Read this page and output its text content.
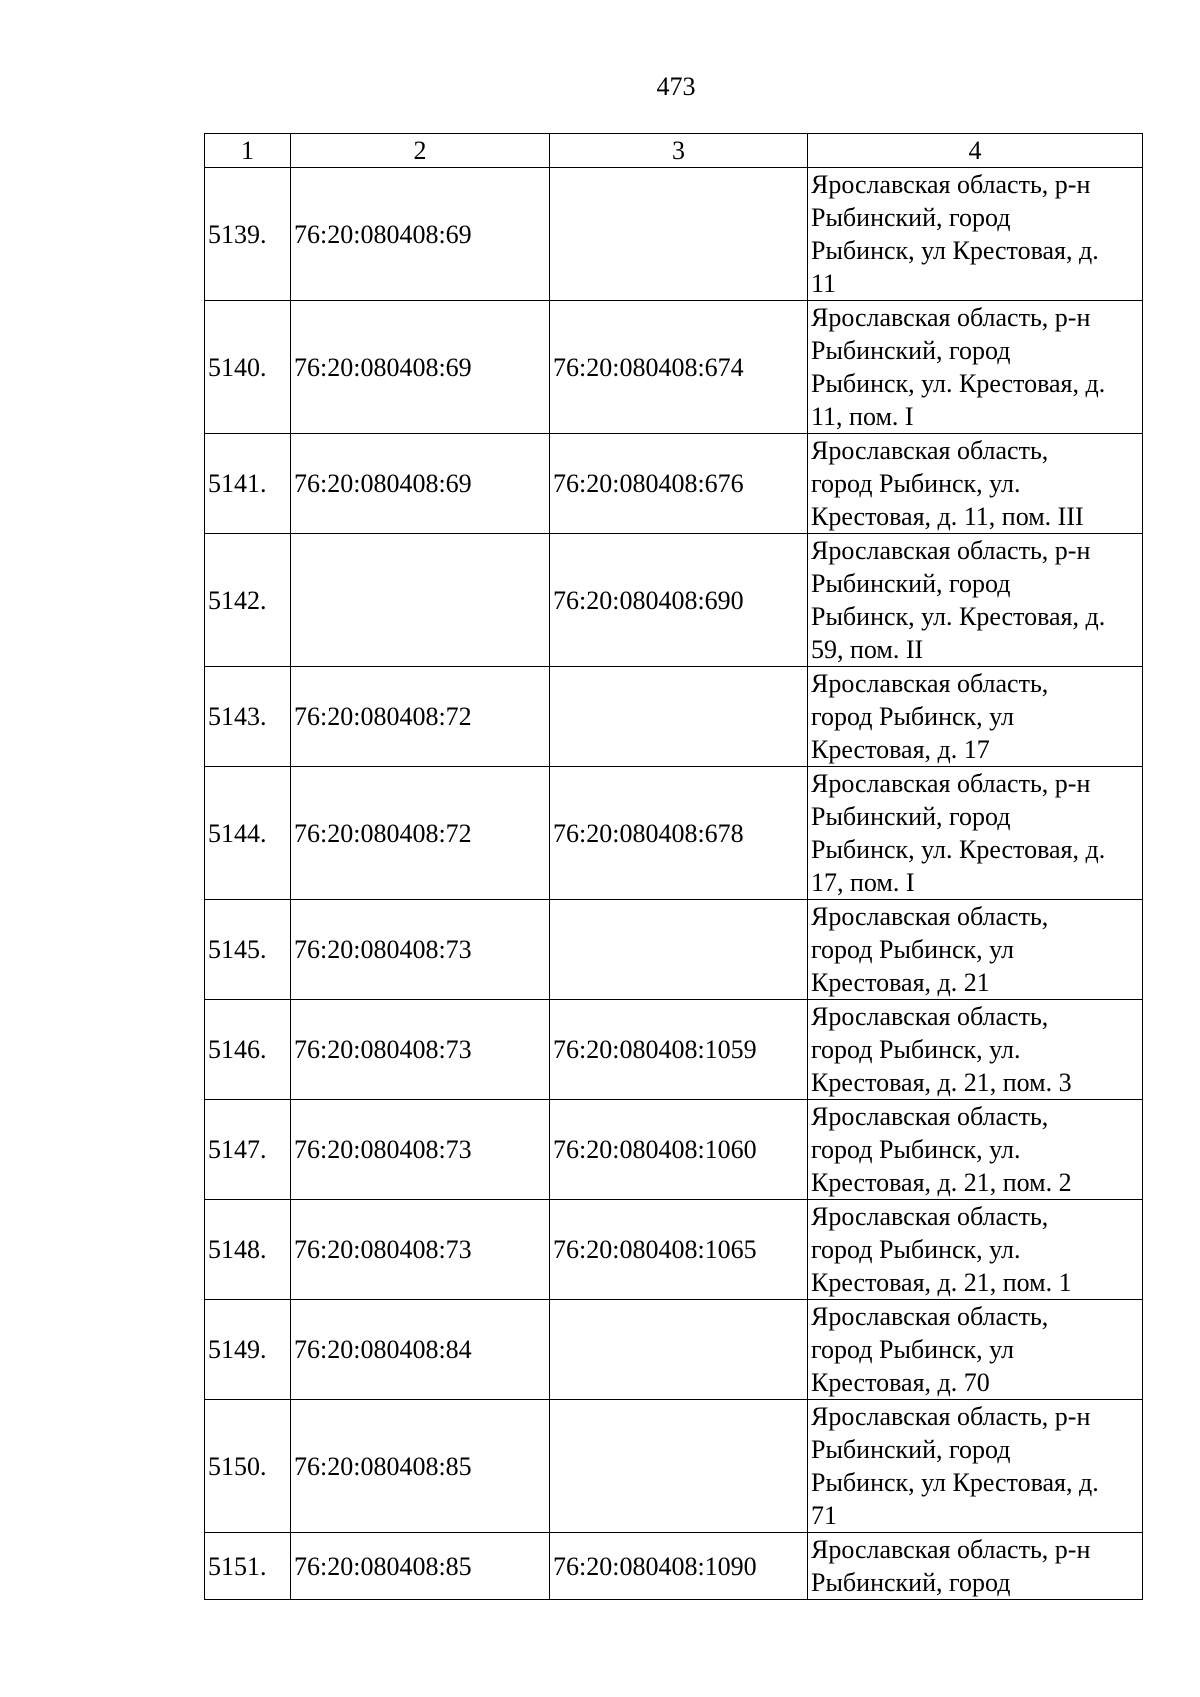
473
1	2	3	4
5139.	76:20:080408:69		Ярославская область, р-н
Рыбинский, город
Рыбинск, ул Крестовая, д.
11
5140.	76:20:080408:69	76:20:080408:674	Ярославская область, р-н
Рыбинский, город
Рыбинск, ул. Крестовая, д.
11, пом. I
5141.	76:20:080408:69	76:20:080408:676	Ярославская область,
город Рыбинск, ул.
Крестовая, д. 11, пом. III
5142.		76:20:080408:690	Ярославская область, р-н
Рыбинский, город
Рыбинск, ул. Крестовая, д.
59, пом. II
5143.	76:20:080408:72		Ярославская область,
город Рыбинск, ул
Крестовая, д. 17
5144.	76:20:080408:72	76:20:080408:678	Ярославская область, р-н
Рыбинский, город
Рыбинск, ул. Крестовая, д.
17, пом. I
5145.	76:20:080408:73		Ярославская область,
город Рыбинск, ул
Крестовая, д. 21
5146.	76:20:080408:73	76:20:080408:1059	Ярославская область,
город Рыбинск, ул.
Крестовая, д. 21, пом. 3
5147.	76:20:080408:73	76:20:080408:1060	Ярославская область,
город Рыбинск, ул.
Крестовая, д. 21, пом. 2
5148.	76:20:080408:73	76:20:080408:1065	Ярославская область,
город Рыбинск, ул.
Крестовая, д. 21, пом. 1
5149.	76:20:080408:84		Ярославская область,
город Рыбинск, ул
Крестовая, д. 70
5150.	76:20:080408:85		Ярославская область, р-н
Рыбинский, город
Рыбинск, ул Крестовая, д.
71
5151.	76:20:080408:85	76:20:080408:1090	Ярославская область, р-н
Рыбинский, город
